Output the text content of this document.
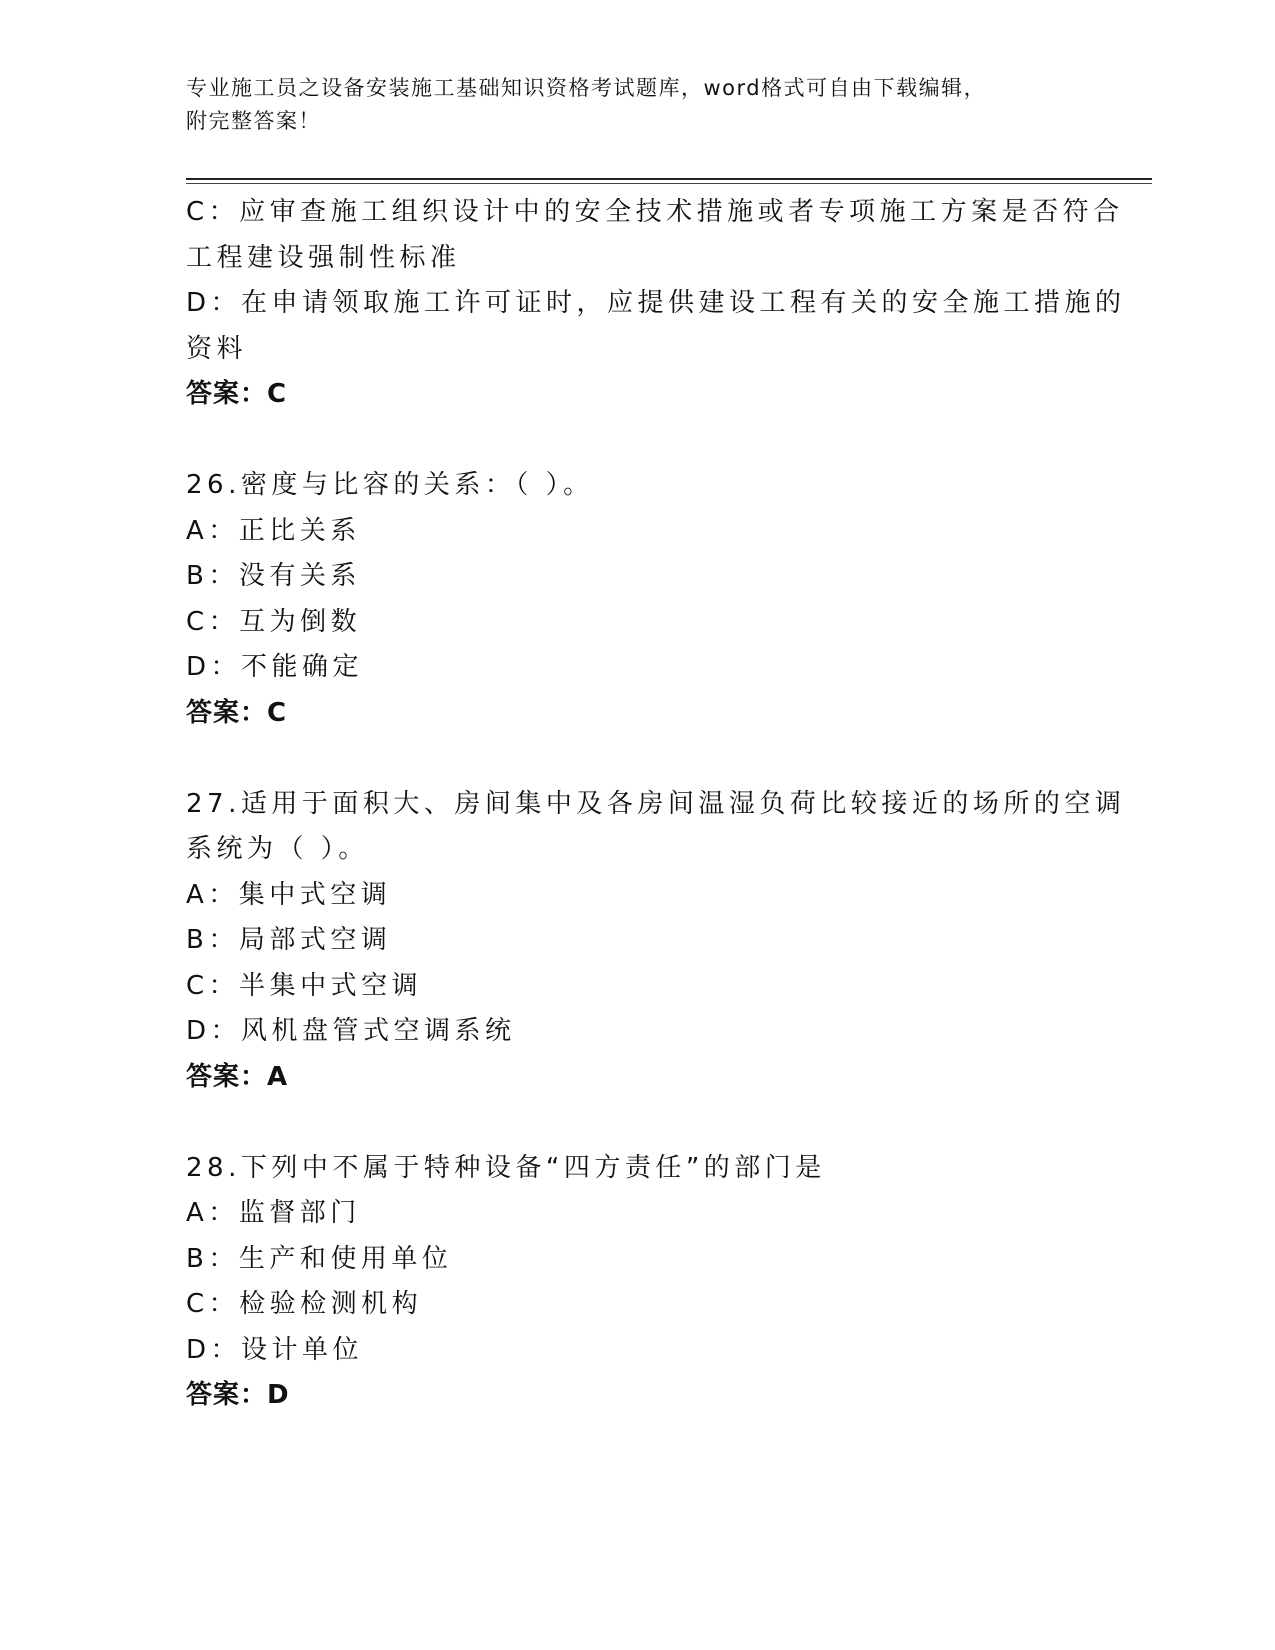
专业施工员之设备安装施工基础知识资格考试题库，word格式可自由下载编辑，
附完整答案！
C：应审查施工组织设计中的安全技术措施或者专项施工方案是否符合
工程建设强制性标准
D：在申请领取施工许可证时，应提供建设工程有关的安全施工措施的
资料
答案：C
26.密度与比容的关系：（ ）。
A：正比关系
B：没有关系
C：互为倒数
D：不能确定
答案：C
27.适用于面积大、房间集中及各房间温湿负荷比较接近的场所的空调
系统为（ ）。
A：集中式空调
B：局部式空调
C：半集中式空调
D：风机盘管式空调系统
答案：A
28.下列中不属于特种设备“四方责任”的部门是
A：监督部门
B：生产和使用单位
C：检验检测机构
D：设计单位
答案：D
